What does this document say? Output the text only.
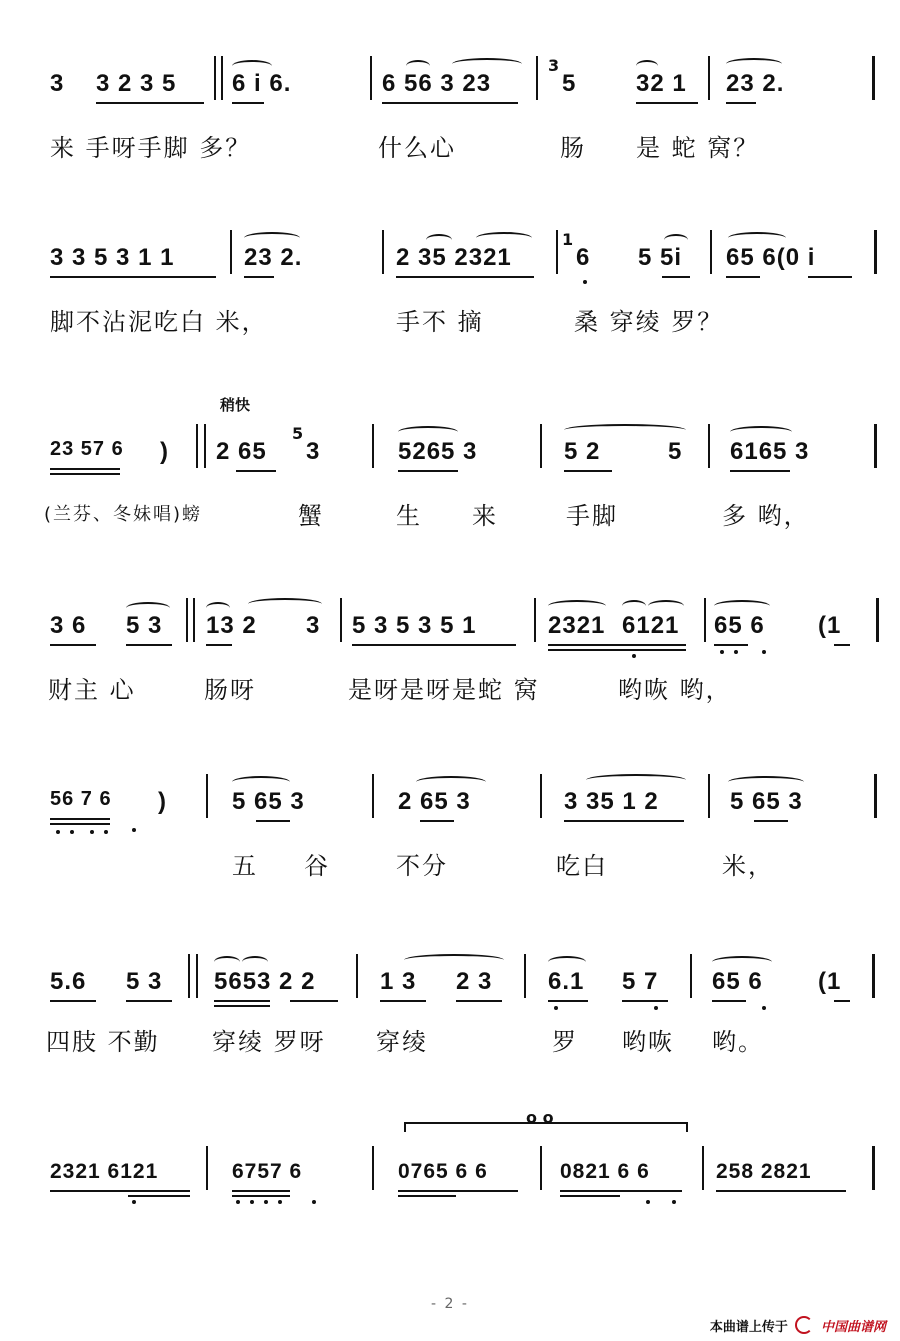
3 3 2 3 5 6 i 6.	6 56 3 23
3
5 32 1 23 2.
来 手呀手脚 多？	什么心	肠 是 蛇 窝？
3 3 5 3 1 1	23 2.	2 35 2321
1
6 5 5i 65 6(0 i
脚不沾泥吃白 米，	手不 摘	桑 穿绫 罗？
稍快
23 57 6 ) 2 65
5
3	5265 3	5 2	5 6165 3
(兰芬、冬妹唱)螃	蟹	生 来	手脚	多 哟，
3 6 5 3 13 2 3 5 3 5 3 5 1	2321 6121 65 6 (1
财主 心	肠呀	是呀是呀是蛇 窝	哟咴 哟，
56 7 6 )	5 65 3	2 65 3	3 35 1 2	5 65 3
五 谷	不分	吃白	米，
5.6 5 3 5653 2 2	1 3 2 3 6.1 5 7 65 6 (1
四肢 不勤 穿绫 罗呀 穿绫	罗 哟咴 哟。
o o
2321 6121	6757 6	0765 6 6	0821 6 6	258 2821
- 2 -
本曲谱上传于	中国曲谱网
